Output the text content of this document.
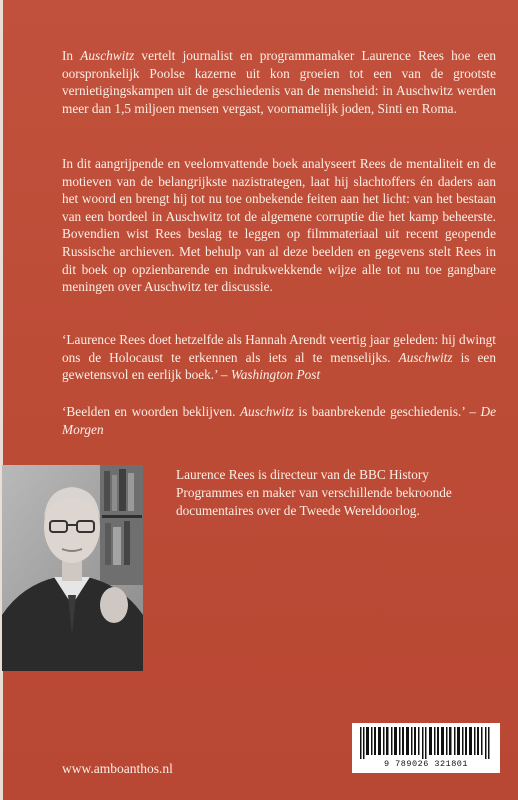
In Auschwitz vertelt journalist en programmamaker Laurence Rees hoe een oorspronkelijk Poolse kazerne uit kon groeien tot een van de grootste vernietigingskampen uit de geschiedenis van de mensheid: in Auschwitz werden meer dan 1,5 miljoen mensen vergast, voornamelijk joden, Sinti en Roma.

In dit aangrijpende en veelomvattende boek analyseert Rees de mentaliteit en de motieven van de belangrijkste nazistrategen, laat hij slachtoffers én daders aan het woord en brengt hij tot nu toe onbekende feiten aan het licht: van het bestaan van een bordeel in Auschwitz tot de algemene corruptie die het kamp beheerste. Bovendien wist Rees beslag te leggen op filmmateriaal uit recent geopende Russische archieven. Met behulp van al deze beelden en gegevens stelt Rees in dit boek op opzienbarende en indrukwekkende wijze alle tot nu toe gangbare meningen over Auschwitz ter discussie.

‘Laurence Rees doet hetzelfde als Hannah Arendt veertig jaar geleden: hij dwingt ons de Holocaust te erkennen als iets al te menselijks. Auschwitz is een gewetensvol en eerlijk boek.’ – Washington Post

‘Beelden en woorden beklijven. Auschwitz is baanbrekende geschiedenis.’ – De Morgen

Laurence Rees is directeur van de BBC History Programmes en maker van verschillende bekroonde documentaires over de Tweede Wereldoorlog.
9 789026 321801
www.amboanthos.nl
